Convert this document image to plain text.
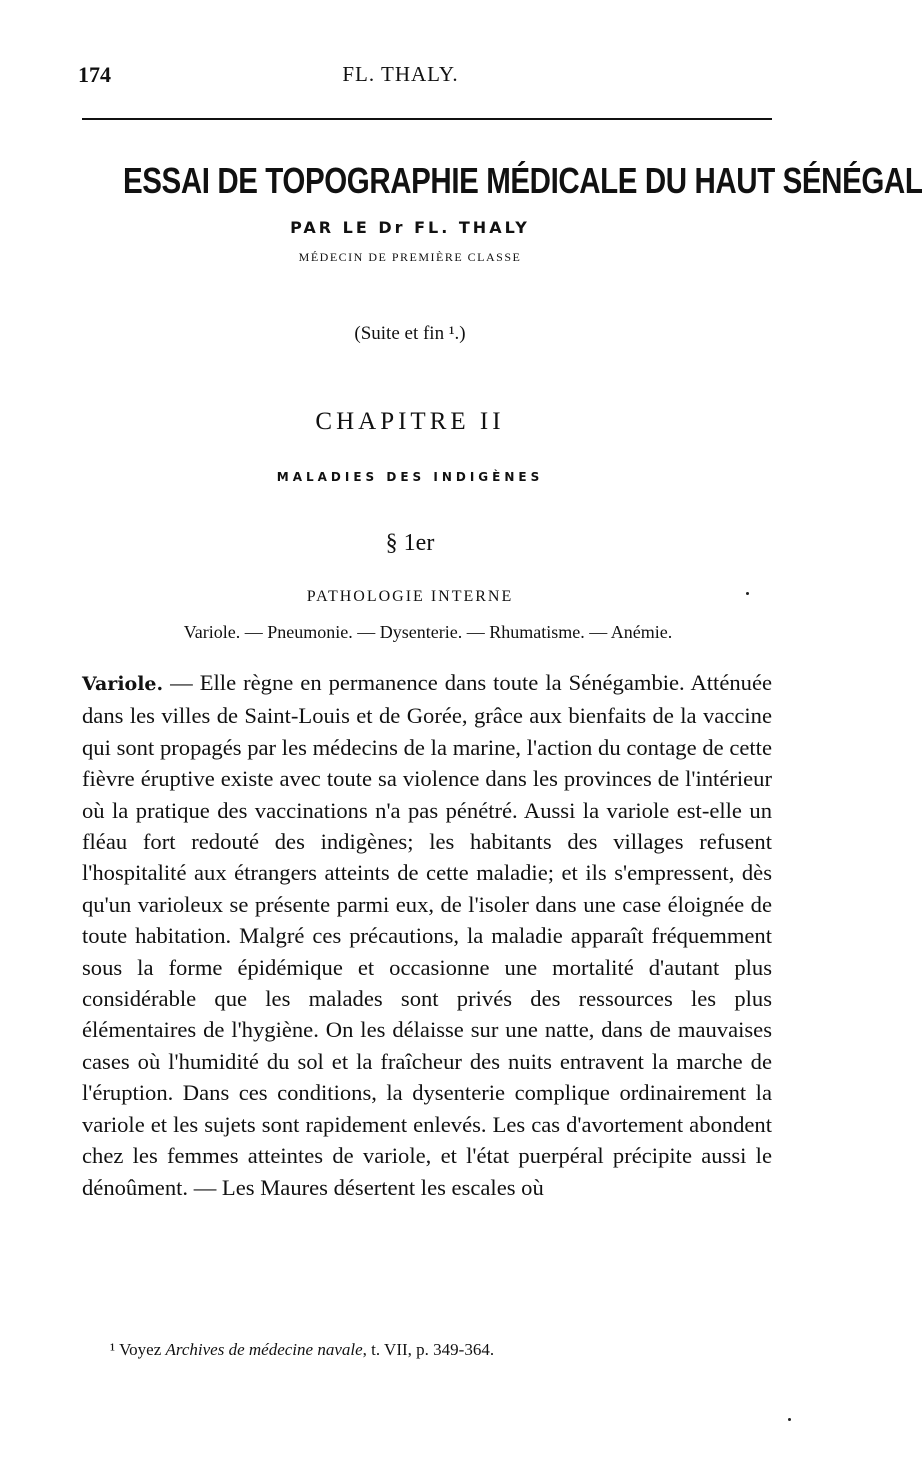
174	FL. THALY.
ESSAI DE TOPOGRAPHIE MÉDICALE DU HAUT SÉNÉGAL
PAR LE Dr FL. THALY
MÉDECIN DE PREMIÈRE CLASSE
(Suite et fin ¹.)
CHAPITRE II
MALADIES DES INDIGÈNES
§ 1er
PATHOLOGIE INTERNE
Variole. — Pneumonie. — Dysenterie. — Rhumatisme. — Anémie.

Variole. — Elle règne en permanence dans toute la Sénégambie. Atténuée dans les villes de Saint-Louis et de Gorée, grâce aux bienfaits de la vaccine qui sont propagés par les médecins de la marine, l'action du contage de cette fièvre éruptive existe avec toute sa violence dans les provinces de l'intérieur où la pratique des vaccinations n'a pas pénétré. Aussi la variole est-elle un fléau fort redouté des indigènes; les habitants des villages refusent l'hospitalité aux étrangers atteints de cette maladie; et ils s'empressent, dès qu'un varioleux se présente parmi eux, de l'isoler dans une case éloignée de toute habitation. Malgré ces précautions, la maladie apparaît fréquemment sous la forme épidémique et occasionne une mortalité d'autant plus considérable que les malades sont privés des ressources les plus élémentaires de l'hygiène. On les délaisse sur une natte, dans de mauvaises cases où l'humidité du sol et la fraîcheur des nuits entravent la marche de l'éruption. Dans ces conditions, la dysenterie complique ordinairement la variole et les sujets sont rapidement enlevés. Les cas d'avortement abondent chez les femmes atteintes de variole, et l'état puerpéral précipite aussi le dénoûment. — Les Maures désertent les escales où

¹ Voyez Archives de médecine navale, t. VII, p. 349-364.
